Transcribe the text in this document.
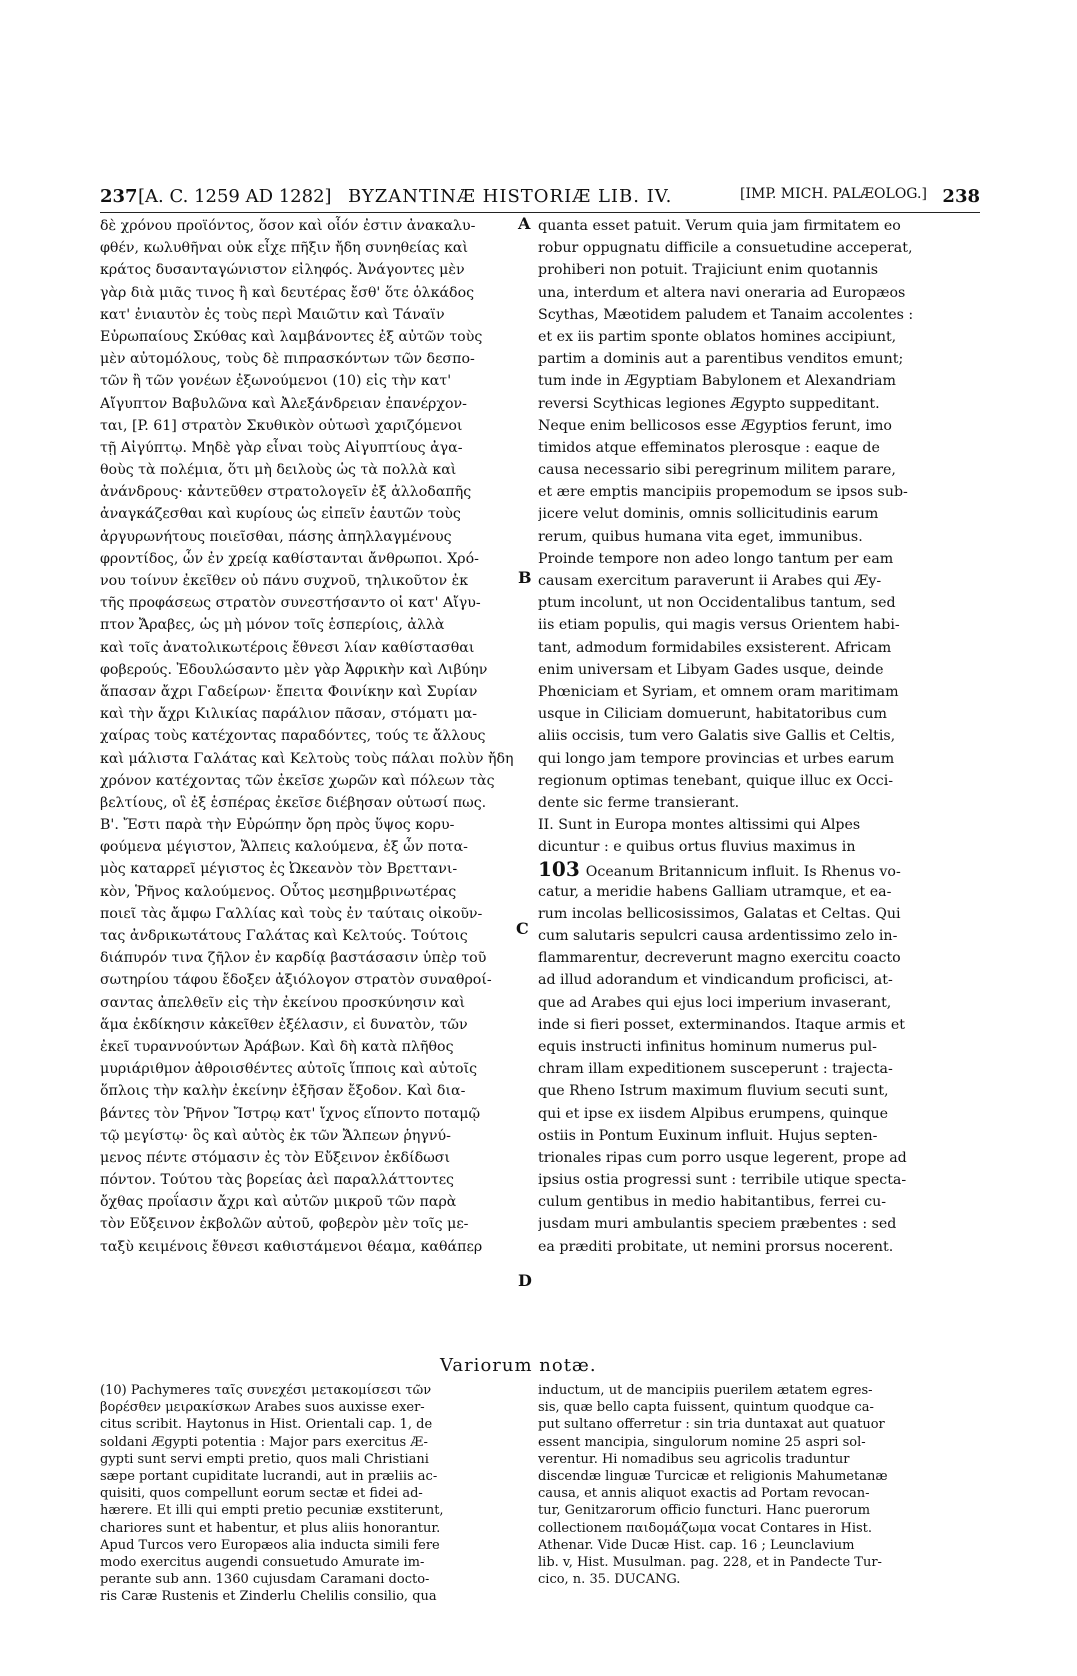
237 [A. C. 1259 AD 1282] BYZANTINÆ HISTORIÆ LIB. IV.	[IMP. MICH. PALÆOLOG.] 238
δὲ χρόνου προϊόντος, ὅσον καὶ οἷόν ἐστιν ἀνακαλυ-
φθέν, κωλυθῆναι οὐκ εἶχε πῆξιν ἤδη συνηθείας καὶ
κράτος δυσανταγώνιστον εἰληφός. Ἀνάγοντες μὲν
γὰρ διὰ μιᾶς τινος ἢ καὶ δευτέρας ἔσθ' ὅτε ὁλκάδος
κατ' ἐνιαυτὸν ἐς τοὺς περὶ Μαιῶτιν καὶ Τάναϊν
Εὐρωπαίους Σκύθας καὶ λαμβάνοντες ἐξ αὐτῶν τοὺς
μὲν αὐτομόλους, τοὺς δὲ πιπρασκόντων τῶν δεσπο-
τῶν ἢ τῶν γονέων ἐξωνούμενοι (10) εἰς τὴν κατ'
Αἴγυπτον Βαβυλῶνα καὶ Ἀλεξάνδρειαν ἐπανέρχον-
ται, [P. 61] στρατὸν Σκυθικὸν οὑτωσὶ χαριζόμενοι
τῇ Αἰγύπτῳ. Μηδὲ γὰρ εἶναι τοὺς Αἰγυπτίους ἀγα-
θοὺς τὰ πολέμια, ὅτι μὴ δειλοὺς ὡς τὰ πολλὰ καὶ
ἀνάνδρους· κἀντεῦθεν στρατολογεῖν ἐξ ἀλλοδαπῆς
ἀναγκάζεσθαι καὶ κυρίους ὡς εἰπεῖν ἑαυτῶν τοὺς
ἀργυρωνήτους ποιεῖσθαι, πάσης ἀπηλλαγμένους
φροντίδος, ὧν ἐν χρείᾳ καθίστανται ἄνθρωποι. Χρό-
νου τοίνυν ἐκεῖθεν οὐ πάνυ συχνοῦ, τηλικοῦτον ἐκ
τῆς προφάσεως στρατὸν συνεστήσαντο οἱ κατ' Αἴγυ-
πτον Ἄραβες, ὡς μὴ μόνον τοῖς ἑσπερίοις, ἀλλὰ
καὶ τοῖς ἀνατολικωτέροις ἔθνεσι λίαν καθίστασθαι
φοβερούς. Ἐδουλώσαντο μὲν γὰρ Ἀφρικὴν καὶ Λιβύην
ἅπασαν ἄχρι Γαδείρων· ἔπειτα Φοινίκην καὶ Συρίαν
καὶ τὴν ἄχρι Κιλικίας παράλιον πᾶσαν, στόματι μα-
χαίρας τοὺς κατέχοντας παραδόντες, τούς τε ἄλλους
καὶ μάλιστα Γαλάτας καὶ Κελτοὺς τοὺς πάλαι πολὺν ἤδη
χρόνον κατέχοντας τῶν ἐκεῖσε χωρῶν καὶ πόλεων τὰς
βελτίους, οἳ ἐξ ἑσπέρας ἐκεῖσε διέβησαν οὑτωσί πως.
Β'. Ἔστι παρὰ τὴν Εὐρώπην ὄρη πρὸς ὕψος κορυ-
φούμενα μέγιστον, Ἄλπεις καλούμενα, ἐξ ὧν ποτα-
μὸς καταρρεῖ μέγιστος ἐς Ὠκεανὸν τὸν Βρεττανι-
κὸν, Ῥῆνος καλούμενος. Οὗτος μεσημβρινωτέρας
ποιεῖ τὰς ἄμφω Γαλλίας καὶ τοὺς ἐν ταύταις οἰκοῦν-
τας ἀνδρικωτάτους Γαλάτας καὶ Κελτούς. Τούτοις
διάπυρόν τινα ζῆλον ἐν καρδίᾳ βαστάσασιν ὑπὲρ τοῦ
σωτηρίου τάφου ἔδοξεν ἀξιόλογον στρατὸν συναθροί-
σαντας ἀπελθεῖν εἰς τὴν ἐκείνου προσκύνησιν καὶ
ἅμα ἐκδίκησιν κἀκεῖθεν ἐξέλασιν, εἰ δυνατὸν, τῶν
ἐκεῖ τυραννούντων Ἀράβων. Καὶ δὴ κατὰ πλῆθος
μυριάριθμον ἀθροισθέντες αὐτοῖς ἵπποις καὶ αὐτοῖς
ὅπλοις τὴν καλὴν ἐκείνην ἐξῆσαν ἔξοδον. Καὶ δια-
βάντες τὸν Ῥῆνον Ἴστρῳ κατ' ἴχνος εἵποντο ποταμῷ
τῷ μεγίστῳ· ὃς καὶ αὐτὸς ἐκ τῶν Ἄλπεων ῥηγνύ-
μενος πέντε στόμασιν ἐς τὸν Εὔξεινον ἐκδίδωσι
πόντον. Τούτου τὰς βορείας ἀεὶ παραλλάττοντες
ὄχθας προΐασιν ἄχρι καὶ αὐτῶν μικροῦ τῶν παρὰ
τὸν Εὔξεινον ἐκβολῶν αὐτοῦ, φοβερὸν μὲν τοῖς με-
ταξὺ κειμένοις ἔθνεσι καθιστάμενοι θέαμα, καθάπερ
quanta esset patuit. Verum quia jam firmitatem eo
robur oppugnatu difficile a consuetudine acceperat,
prohiberi non potuit. Trajiciunt enim quotannis
una, interdum et altera navi oneraria ad Europæos
Scythas, Mæotidem paludem et Tanaim accolentes :
et ex iis partim sponte oblatos homines accipiunt,
partim a dominis aut a parentibus venditos emunt;
tum inde in Ægyptiam Babylonem et Alexandriam
reversi Scythicas legiones Ægypto suppeditant.
Neque enim bellicosos esse Ægyptios ferunt, imo
timidos atque effeminatos plerosque : eaque de
causa necessario sibi peregrinum militem parare,
et ære emptis mancipiis propemodum se ipsos sub-
jicere velut dominis, omnis sollicitudinis earum
rerum, quibus humana vita eget, immunibus.
Proinde tempore non adeo longo tantum per eam
causam exercitum paraverunt ii Arabes qui Æy-
ptum incolunt, ut non Occidentalibus tantum, sed
iis etiam populis, qui magis versus Orientem habi-
tant, admodum formidabiles exsisterent. Africam
enim universam et Libyam Gades usque, deinde
Phœniciam et Syriam, et omnem oram maritimam
usque in Ciliciam domuerunt, habitatoribus cum
aliis occisis, tum vero Galatis sive Gallis et Celtis,
qui longo jam tempore provincias et urbes earum
regionum optimas tenebant, quique illuc ex Occi-
dente sic ferme transierant.
II. Sunt in Europa montes altissimi qui Alpes
dicuntur : e quibus ortus fluvius maximus in
103 Oceanum Britannicum influit. Is Rhenus vo-
catur, a meridie habens Galliam utramque, et ea-
rum incolas bellicosissimos, Galatas et Celtas. Qui
cum salutaris sepulcri causa ardentissimo zelo in-
flammarentur, decreverunt magno exercitu coacto
ad illud adorandum et vindicandum proficisci, at-
que ad Arabes qui ejus loci imperium invaserant,
inde si fieri posset, exterminandos. Itaque armis et
equis instructi infinitus hominum numerus pul-
chram illam expeditionem susceperunt : trajecta-
que Rheno Istrum maximum fluvium secuti sunt,
qui et ipse ex iisdem Alpibus erumpens, quinque
ostiis in Pontum Euxinum influit. Hujus septen-
trionales ripas cum porro usque legerent, prope ad
ipsius ostia progressi sunt : terribile utique specta-
culum gentibus in medio habitantibus, ferrei cu-
jusdam muri ambulantis speciem præbentes : sed
ea præditi probitate, ut nemini prorsus nocerent.
A
B
C
D
Variorum notæ.
(10) Pachymeres ταῖς συνεχέσι μετακομίσεσι τῶν
βορέσθεν μειρακίσκων Arabes suos auxisse exer-
citus scribit. Haytonus in Hist. Orientali cap. 1, de
soldani Ægypti potentia : Major pars exercitus Æ-
gypti sunt servi empti pretio, quos mali Christiani
sæpe portant cupiditate lucrandi, aut in præliis ac-
quisiti, quos compellunt eorum sectæ et fidei ad-
hærere. Et illi qui empti pretio pecuniæ exstiterunt,
chariores sunt et habentur, et plus aliis honorantur.
Apud Turcos vero Europæos alia inducta simili fere
modo exercitus augendi consuetudo Amurate im-
perante sub ann. 1360 cujusdam Caramani docto-
ris Caræ Rustenis et Zinderlu Chelilis consilio, qua
inductum, ut de mancipiis puerilem ætatem egres-
sis, quæ bello capta fuissent, quintum quodque ca-
put sultano offerretur : sin tria duntaxat aut quatuor
essent mancipia, singulorum nomine 25 aspri sol-
verentur. Hi nomadibus seu agricolis traduntur
discendæ linguæ Turcicæ et religionis Mahumetanæ
causa, et annis aliquot exactis ad Portam revocan-
tur, Genitzarorum officio functuri. Hanc puerorum
collectionem παιδομάζωμα vocat Contares in Hist.
Athenar. Vide Ducæ Hist. cap. 16 ; Leunclavium
lib. v, Hist. Musulman. pag. 228, et in Pandecte Tur-
cico, n. 35. DUCANG.
